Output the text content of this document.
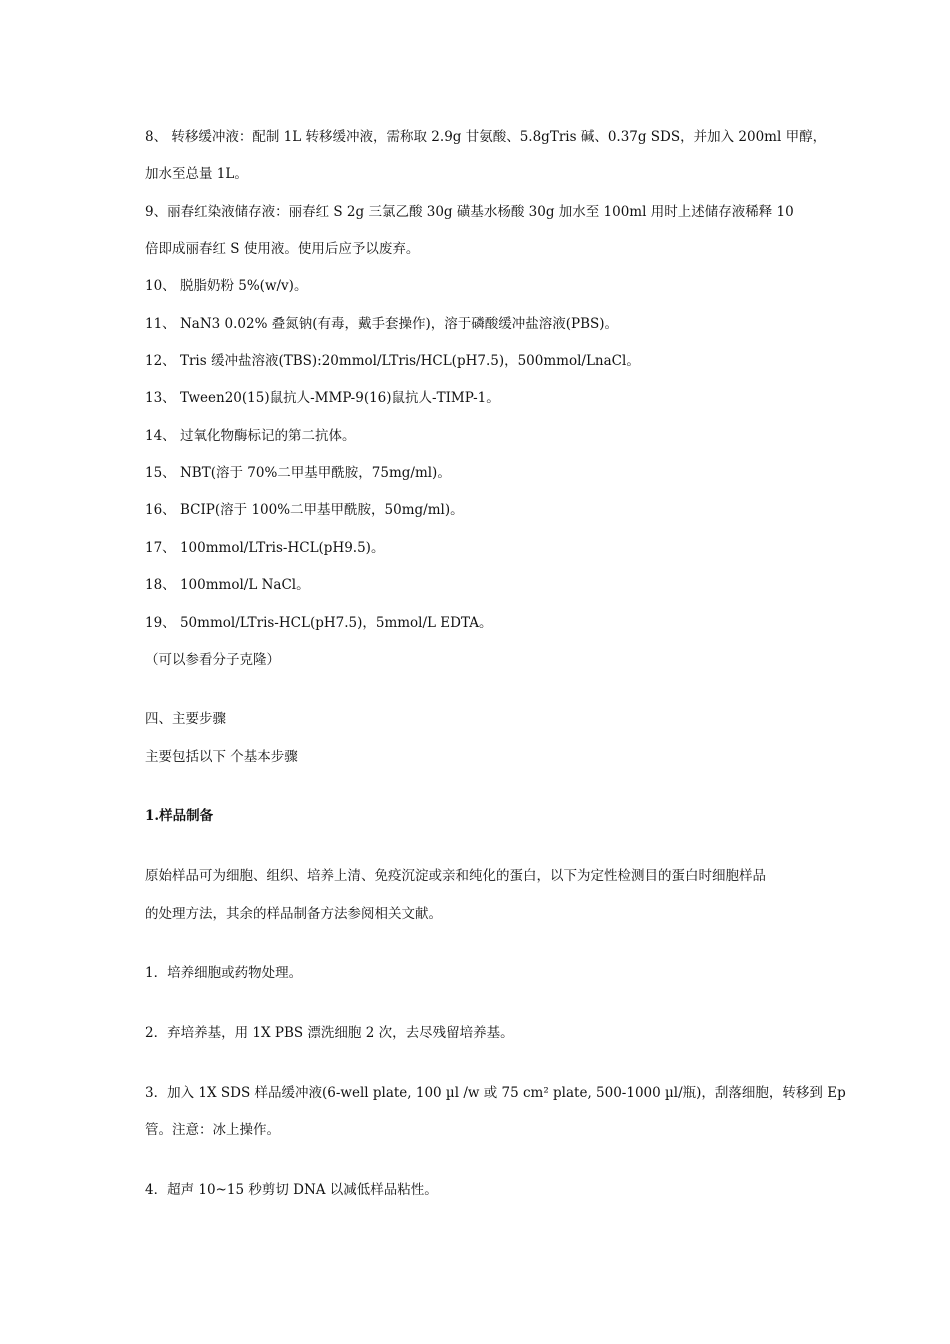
8、 转移缓冲液：配制 1L 转移缓冲液，需称取 2.9g 甘氨酸、5.8gTris 碱、0.37g SDS，并加入 200ml 甲醇，
加水至总量 1L。
9、丽春红染液储存液：丽春红 S 2g 三氯乙酸 30g 磺基水杨酸 30g 加水至 100ml 用时上述储存液稀释 10
倍即成丽春红 S 使用液。使用后应予以废弃。
10、 脱脂奶粉 5%(w/v)。
11、 NaN3 0.02% 叠氮钠(有毒，戴手套操作)，溶于磷酸缓冲盐溶液(PBS)。
12、 Tris 缓冲盐溶液(TBS):20mmol/LTris/HCL(pH7.5)，500mmol/LnaCl。
13、 Tween20(15)鼠抗人-MMP-9(16)鼠抗人-TIMP-1。
14、 过氧化物酶标记的第二抗体。
15、 NBT(溶于 70%二甲基甲酰胺，75mg/ml)。
16、 BCIP(溶于 100%二甲基甲酰胺，50mg/ml)。
17、 100mmol/LTris-HCL(pH9.5)。
18、 100mmol/L NaCl。
19、 50mmol/LTris-HCL(pH7.5)，5mmol/L EDTA。
（可以参看分子克隆）
四、主要步骤
主要包括以下 个基本步骤
1.样品制备
原始样品可为细胞、组织、培养上清、免疫沉淀或亲和纯化的蛋白，以下为定性检测目的蛋白时细胞样品
的处理方法，其余的样品制备方法参阅相关文献。
1．培养细胞或药物处理。
2．弃培养基，用 1X PBS 漂洗细胞 2 次，去尽残留培养基。
3．加入 1X SDS 样品缓冲液(6-well plate, 100 µl /w 或 75 cm² plate, 500-1000 µl/瓶)，刮落细胞，转移到 Ep
管。注意：冰上操作。
4．超声 10~15 秒剪切 DNA 以减低样品粘性。
